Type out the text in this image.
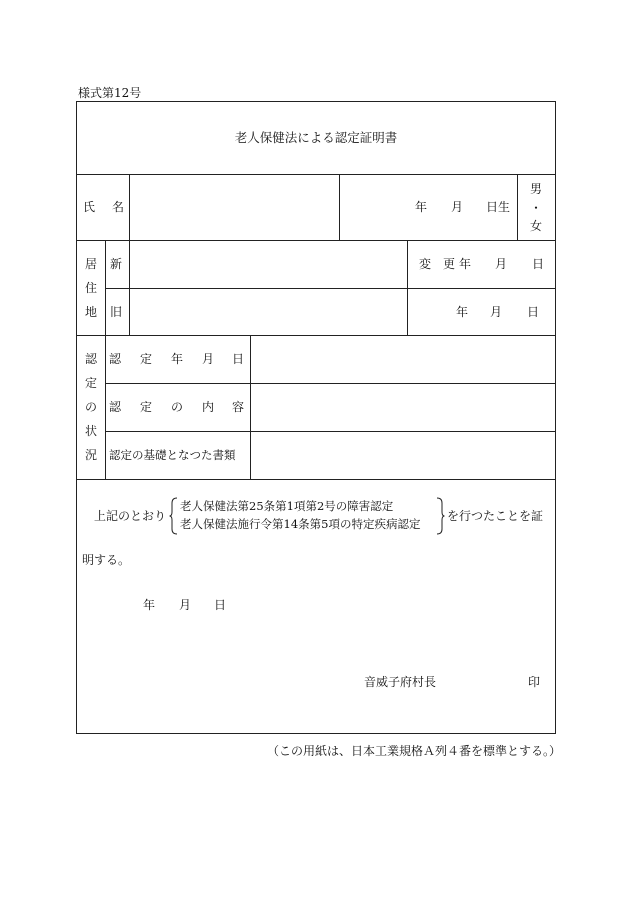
様式第12号
老人保健法による認定証明書
氏 名	年 月 日生
男
・
女
居
住
地
新
旧
変 更 年 月 日
年 月 日
認
定
の
状
況
認 定 年 月 日
認 定 の 内 容
認定の基礎となつた書類
上記のとおり
老人保健法第25条第1項第2号の障害認定
老人保健法施行令第14条第5項の特定疾病認定
を行つたことを証
明する。
年 月 日
音威子府村長	印
（この用紙は、日本工業規格Ａ列４番を標準とする。）
